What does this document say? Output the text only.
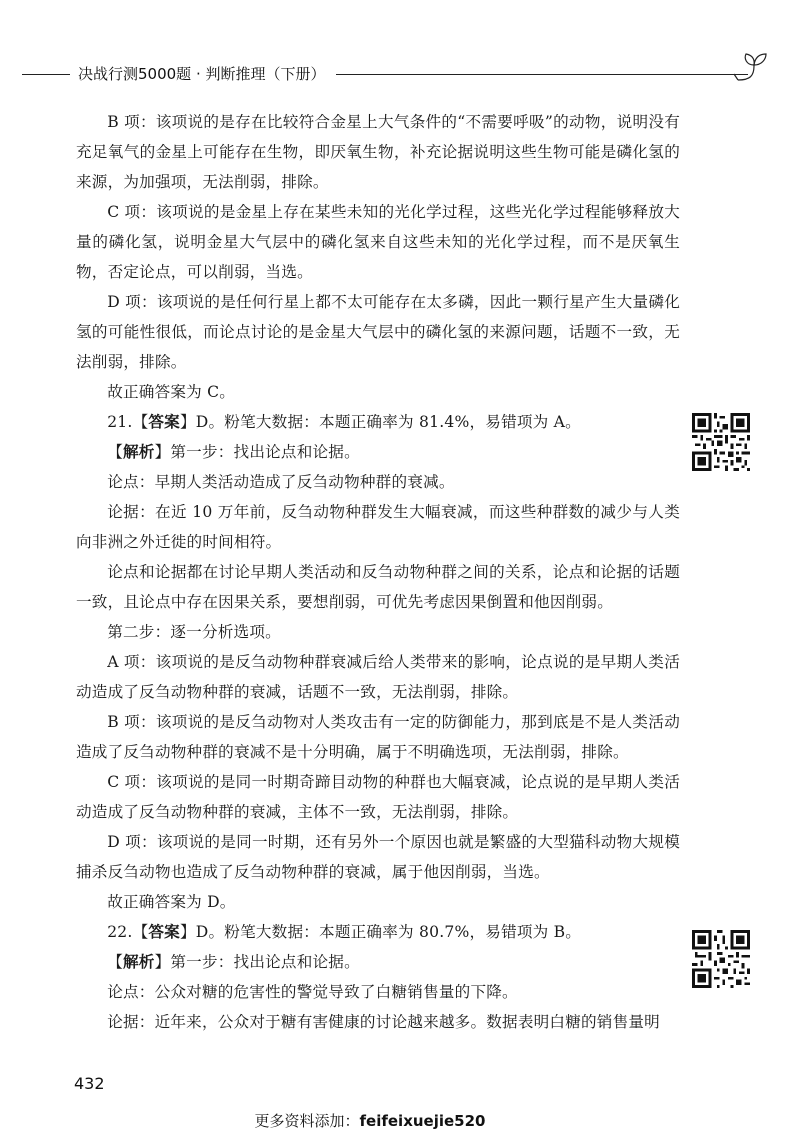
决战行测5000题 · 判断推理（下册）

B 项：该项说的是存在比较符合金星上大气条件的“不需要呼吸”的动物，说明没有充足氧气的金星上可能存在生物，即厌氧生物，补充论据说明这些生物可能是磷化氢的来源，为加强项，无法削弱，排除。

C 项：该项说的是金星上存在某些未知的光化学过程，这些光化学过程能够释放大量的磷化氢，说明金星大气层中的磷化氢来自这些未知的光化学过程，而不是厌氧生物，否定论点，可以削弱，当选。

D 项：该项说的是任何行星上都不太可能存在太多磷，因此一颗行星产生大量磷化氢的可能性很低，而论点讨论的是金星大气层中的磷化氢的来源问题，话题不一致，无法削弱，排除。

故正确答案为 C。

21.【答案】D。粉笔大数据：本题正确率为 81.4%，易错项为 A。

【解析】第一步：找出论点和论据。

论点：早期人类活动造成了反刍动物种群的衰减。

论据：在近 10 万年前，反刍动物种群发生大幅衰减，而这些种群数的减少与人类向非洲之外迁徙的时间相符。

论点和论据都在讨论早期人类活动和反刍动物种群之间的关系，论点和论据的话题一致，且论点中存在因果关系，要想削弱，可优先考虑因果倒置和他因削弱。

第二步：逐一分析选项。

A 项：该项说的是反刍动物种群衰减后给人类带来的影响，论点说的是早期人类活动造成了反刍动物种群的衰减，话题不一致，无法削弱，排除。

B 项：该项说的是反刍动物对人类攻击有一定的防御能力，那到底是不是人类活动造成了反刍动物种群的衰减不是十分明确，属于不明确选项，无法削弱，排除。

C 项：该项说的是同一时期奇蹄目动物的种群也大幅衰减，论点说的是早期人类活动造成了反刍动物种群的衰减，主体不一致，无法削弱，排除。

D 项：该项说的是同一时期，还有另外一个原因也就是繁盛的大型猫科动物大规模捕杀反刍动物也造成了反刍动物种群的衰减，属于他因削弱，当选。

故正确答案为 D。

22.【答案】D。粉笔大数据：本题正确率为 80.7%，易错项为 B。

【解析】第一步：找出论点和论据。

论点：公众对糖的危害性的警觉导致了白糖销售量的下降。

论据：近年来，公众对于糖有害健康的讨论越来越多。数据表明白糖的销售量明

432
更多资料添加：feifeixuejie520
